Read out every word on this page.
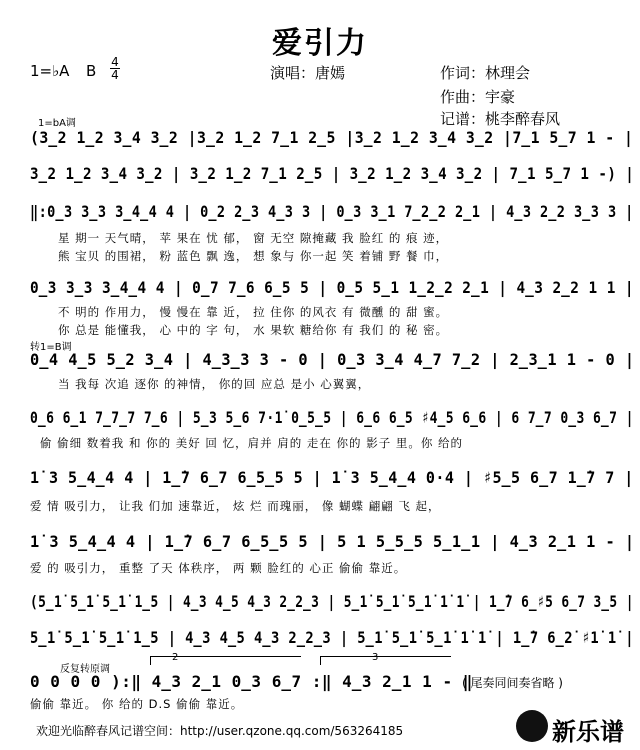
爱引力
1=♭A B 4
4	演唱：唐嫣	作词：林理会
作曲：宇豪
记谱：桃李醉春风
1=bA调
(3̲2 1̲2 3̲4 3̲2 |3̲2 1̲2 7̲1 2̲5 |3̲2 1̲2 3̲4 3̲2 |7̲1 5̲7 1 - |
3̲2 1̲2 3̲4 3̲2 | 3̲2 1̲2 7̲1 2̲5 | 3̲2 1̲2 3̲4 3̲2 | 7̲1 5̲7 1 -) |
‖:0̲3 3̲3 3̲4̲4 4 | 0̲2 2̲3 4̲3 3 | 0̲3 3̲1 7̲2̲2 2̲1 | 4̲3 2̲2 3̲3 3 |
星 期一 天气晴， 苹 果在 忧 郁， 窗 无空 隙掩藏 我 脸红 的 痕 迹，
熊 宝贝 的围裙， 粉 蓝色 飘 逸， 想 象与 你一起 笑 着铺 野 餐 巾，
0̲3 3̲3 3̲4̲4 4 | 0̲7 7̲6 6̲5 5 | 0̲5 5̲1 1̲2̲2 2̲1 | 4̲3 2̲2 1 1 |
不 明的 作用力， 慢 慢在 靠 近， 拉 住你 的风衣 有 微醺 的 甜 蜜。
你 总是 能懂我， 心 中的 字 句， 水 果软 糖给你 有 我们 的 秘 密。
转1=B调
0̲4 4̲5 5̲2 3̲4 | 4̲3̲3 3 - 0 | 0̲3 3̲4 4̲7 7̲2 | 2̲3̲1 1 - 0 |
当 我每 次追 逐你 的神情， 你的回 应总 是小 心翼翼，
0̲6 6̲1 7̲7̲7 7̲6 | 5̲3 5̲6 7·1̇ 0̲5̲5 | 6̲6 6̲5 ♯4̲5 6̲6 | 6 7̲7 0̲3 6̲7 |
偷 偷细 数着我 和 你的 美好 回 忆，肩并 肩的 走在 你的 影子 里。你 给的
1̇ 3 5̲4̲4 4 | 1̲̇7 6̲7 6̲5̲5 5 | 1̇ 3 5̲4̲4 0·4 | ♯5̲5 6̲7 1̲̇7 7 |
爱 情 吸引力， 让我 们加 速靠近， 炫 烂 而瑰丽， 像 蝴蝶 翩翩 飞 起，
1̇ 3 5̲4̲4 4 | 1̲̇7 6̲7 6̲5̲5 5 | 5 1 5̲5̲5 5̲1̲1 | 4̲3 2̲1 1 - |
爱 的 吸引力， 重整 了天 体秩序， 两 颗 脸红的 心正 偷偷 靠近。
(5̲1̇ 5̲1̇ 5̲1̇ 1̲5 | 4̲3 4̲5 4̲3 2̲2̲3 | 5̲1̇ 5̲1̇ 5̲1̇ 1̇ 1̇ | 1̲̇7 6̲♯5 6̲7 3̲5 |
5̲1̇ 5̲1̇ 5̲1̇ 1̲5 | 4̲3 4̲5 4̲3 2̲2̲3 | 5̲1̇ 5̲1̇ 5̲1̇ 1̇ 1̇ | 1̲̇7 6̲2̇ ♯1̇ 1̇ |
反复转原调
2	3
0 0 0 0 ):‖ 4̲3 2̲1 0̲3 6̲7 :‖ 4̲3 2̲1 1 - ‖
偷偷 靠近。 你 给的 D.S 偷偷 靠近。
( 尾奏同间奏省略 )
欢迎光临醉春风记谱空间：http://user.qzone.qq.com/563264185	新乐谱
